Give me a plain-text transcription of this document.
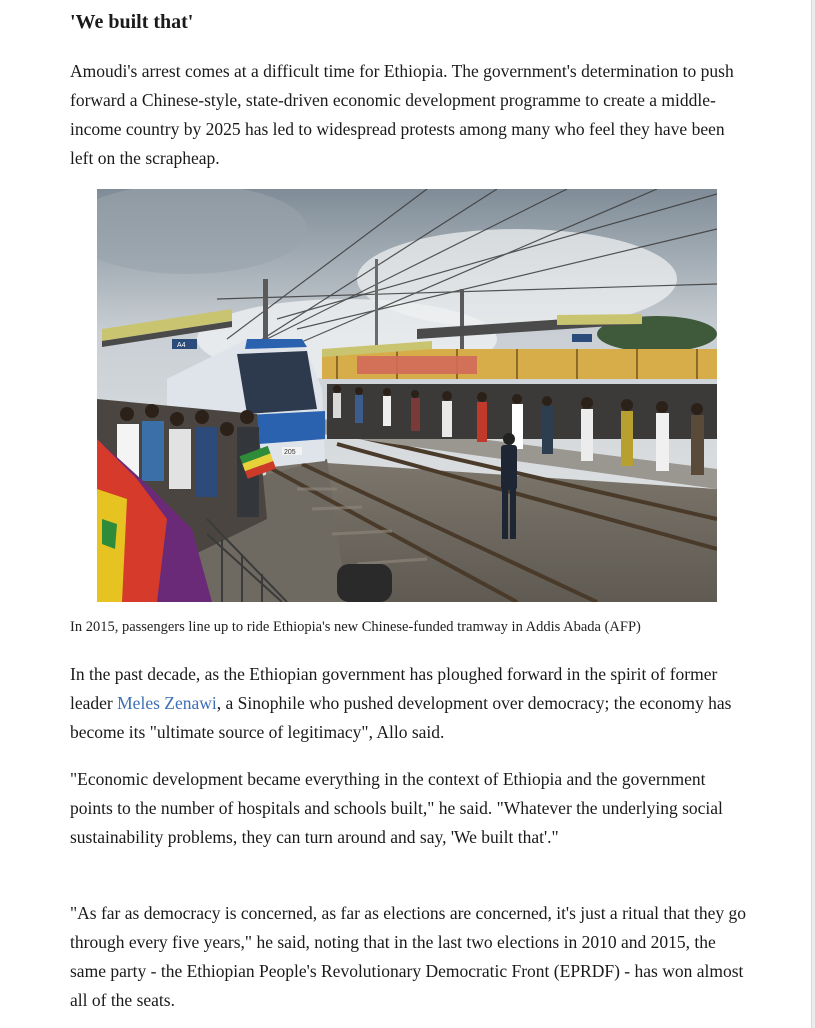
'We built that'

Amoudi's arrest comes at a difficult time for Ethiopia. The government's determination to push forward a Chinese-style, state-driven economic development programme to create a middle-income country by 2025 has led to widespread protests among many who feel they have been left on the scrapheap.

A4
205

In 2015, passengers line up to ride Ethiopia's new Chinese-funded tramway in Addis Abada (AFP)

In the past decade, as the Ethiopian government has ploughed forward in the spirit of former leader Meles Zenawi, a Sinophile who pushed development over democracy; the economy has become its "ultimate source of legitimacy", Allo said.

"Economic development became everything in the context of Ethiopia and the government points to the number of hospitals and schools built," he said. "Whatever the underlying social sustainability problems, they can turn around and say, 'We built that'."

"As far as democracy is concerned, as far as elections are concerned, it's just a ritual that they go through every five years," he said, noting that in the last two elections in 2010 and 2015, the same party - the Ethiopian People's Revolutionary Democratic Front (EPRDF) - has won almost all of the seats.
